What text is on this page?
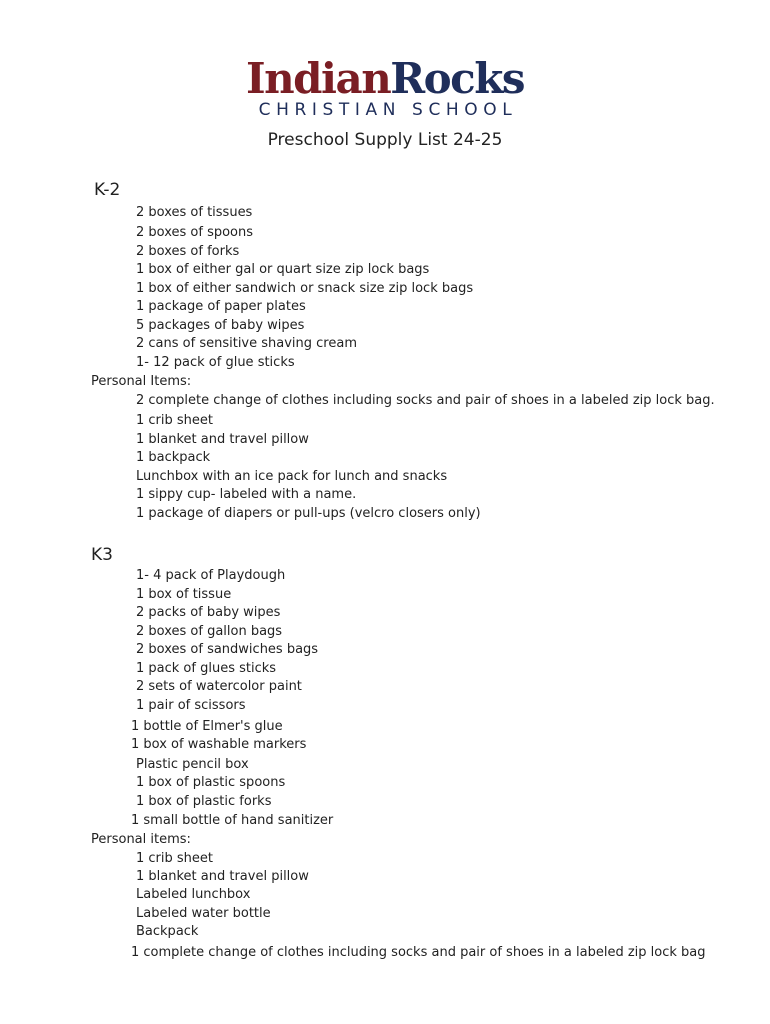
IndianRocks
CHRISTIAN SCHOOL
Preschool Supply List 24-25
K-2
2 boxes of tissues
2 boxes of spoons
2 boxes of forks
1 box of either gal or quart size zip lock bags
1 box of either sandwich or snack size zip lock bags
1 package of paper plates
5 packages of baby wipes
2 cans of sensitive shaving cream
1- 12 pack of glue sticks
Personal Items:
2 complete change of clothes including socks and pair of shoes in a labeled zip lock bag.
1 crib sheet
1 blanket and travel pillow
1 backpack
Lunchbox with an ice pack for lunch and snacks
1 sippy cup- labeled with a name.
1 package of diapers or pull-ups (velcro closers only)
K3
1- 4 pack of Playdough
1 box of tissue
2 packs of baby wipes
2 boxes of gallon bags
2 boxes of sandwiches bags
1 pack of glues sticks
2 sets of watercolor paint
1 pair of scissors
1 bottle of Elmer's glue
1 box of washable markers
Plastic pencil box
1 box of plastic spoons
1 box of plastic forks
1 small bottle of hand sanitizer
Personal items:
1 crib sheet
1 blanket and travel pillow
Labeled lunchbox
Labeled water bottle
Backpack
1 complete change of clothes including socks and pair of shoes in a labeled zip lock bag
